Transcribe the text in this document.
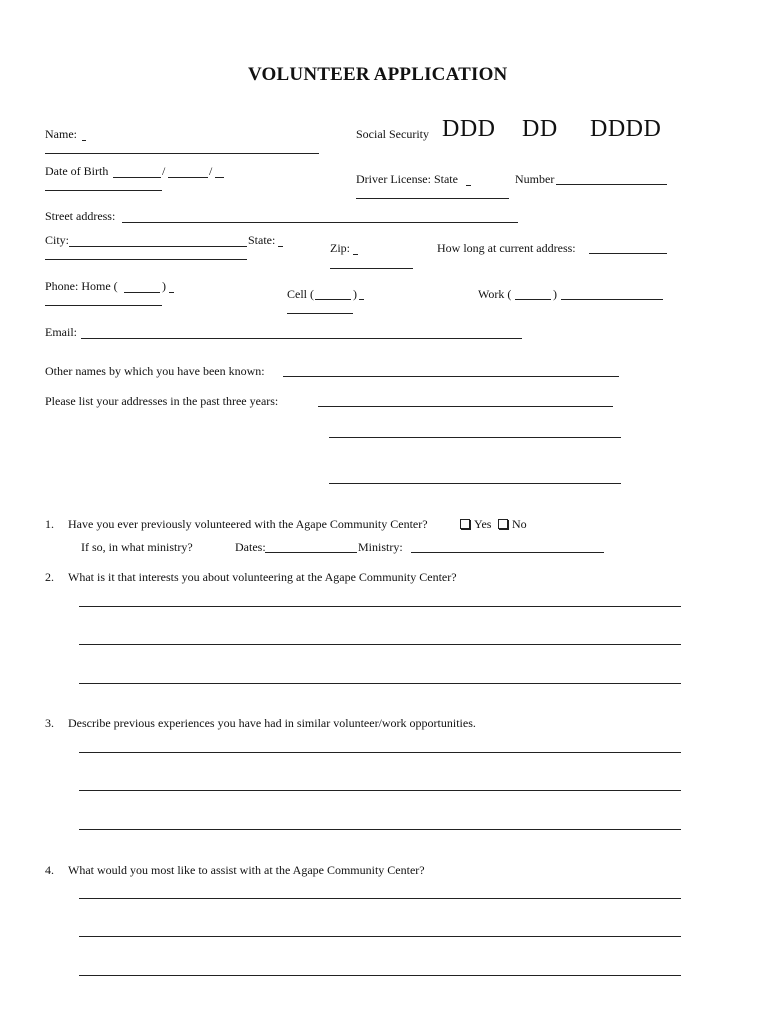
VOLUNTEER APPLICATION
Name:	Social Security DDD DD DDDD
Date of Birth	/	/
Driver License: State	Number
Street address:
City:	State:
Zip:	How long at current address:
Phone: Home (	)
Cell (	)	Work (	)
Email:
Other names by which you have been known:
Please list your addresses in the past three years:
1. Have you ever previously volunteered with the Agape Community Center?	Yes	No
If so, in what ministry?	Dates:	Ministry:
2. What is it that interests you about volunteering at the Agape Community Center?
3. Describe previous experiences you have had in similar volunteer/work opportunities.
4. What would you most like to assist with at the Agape Community Center?
